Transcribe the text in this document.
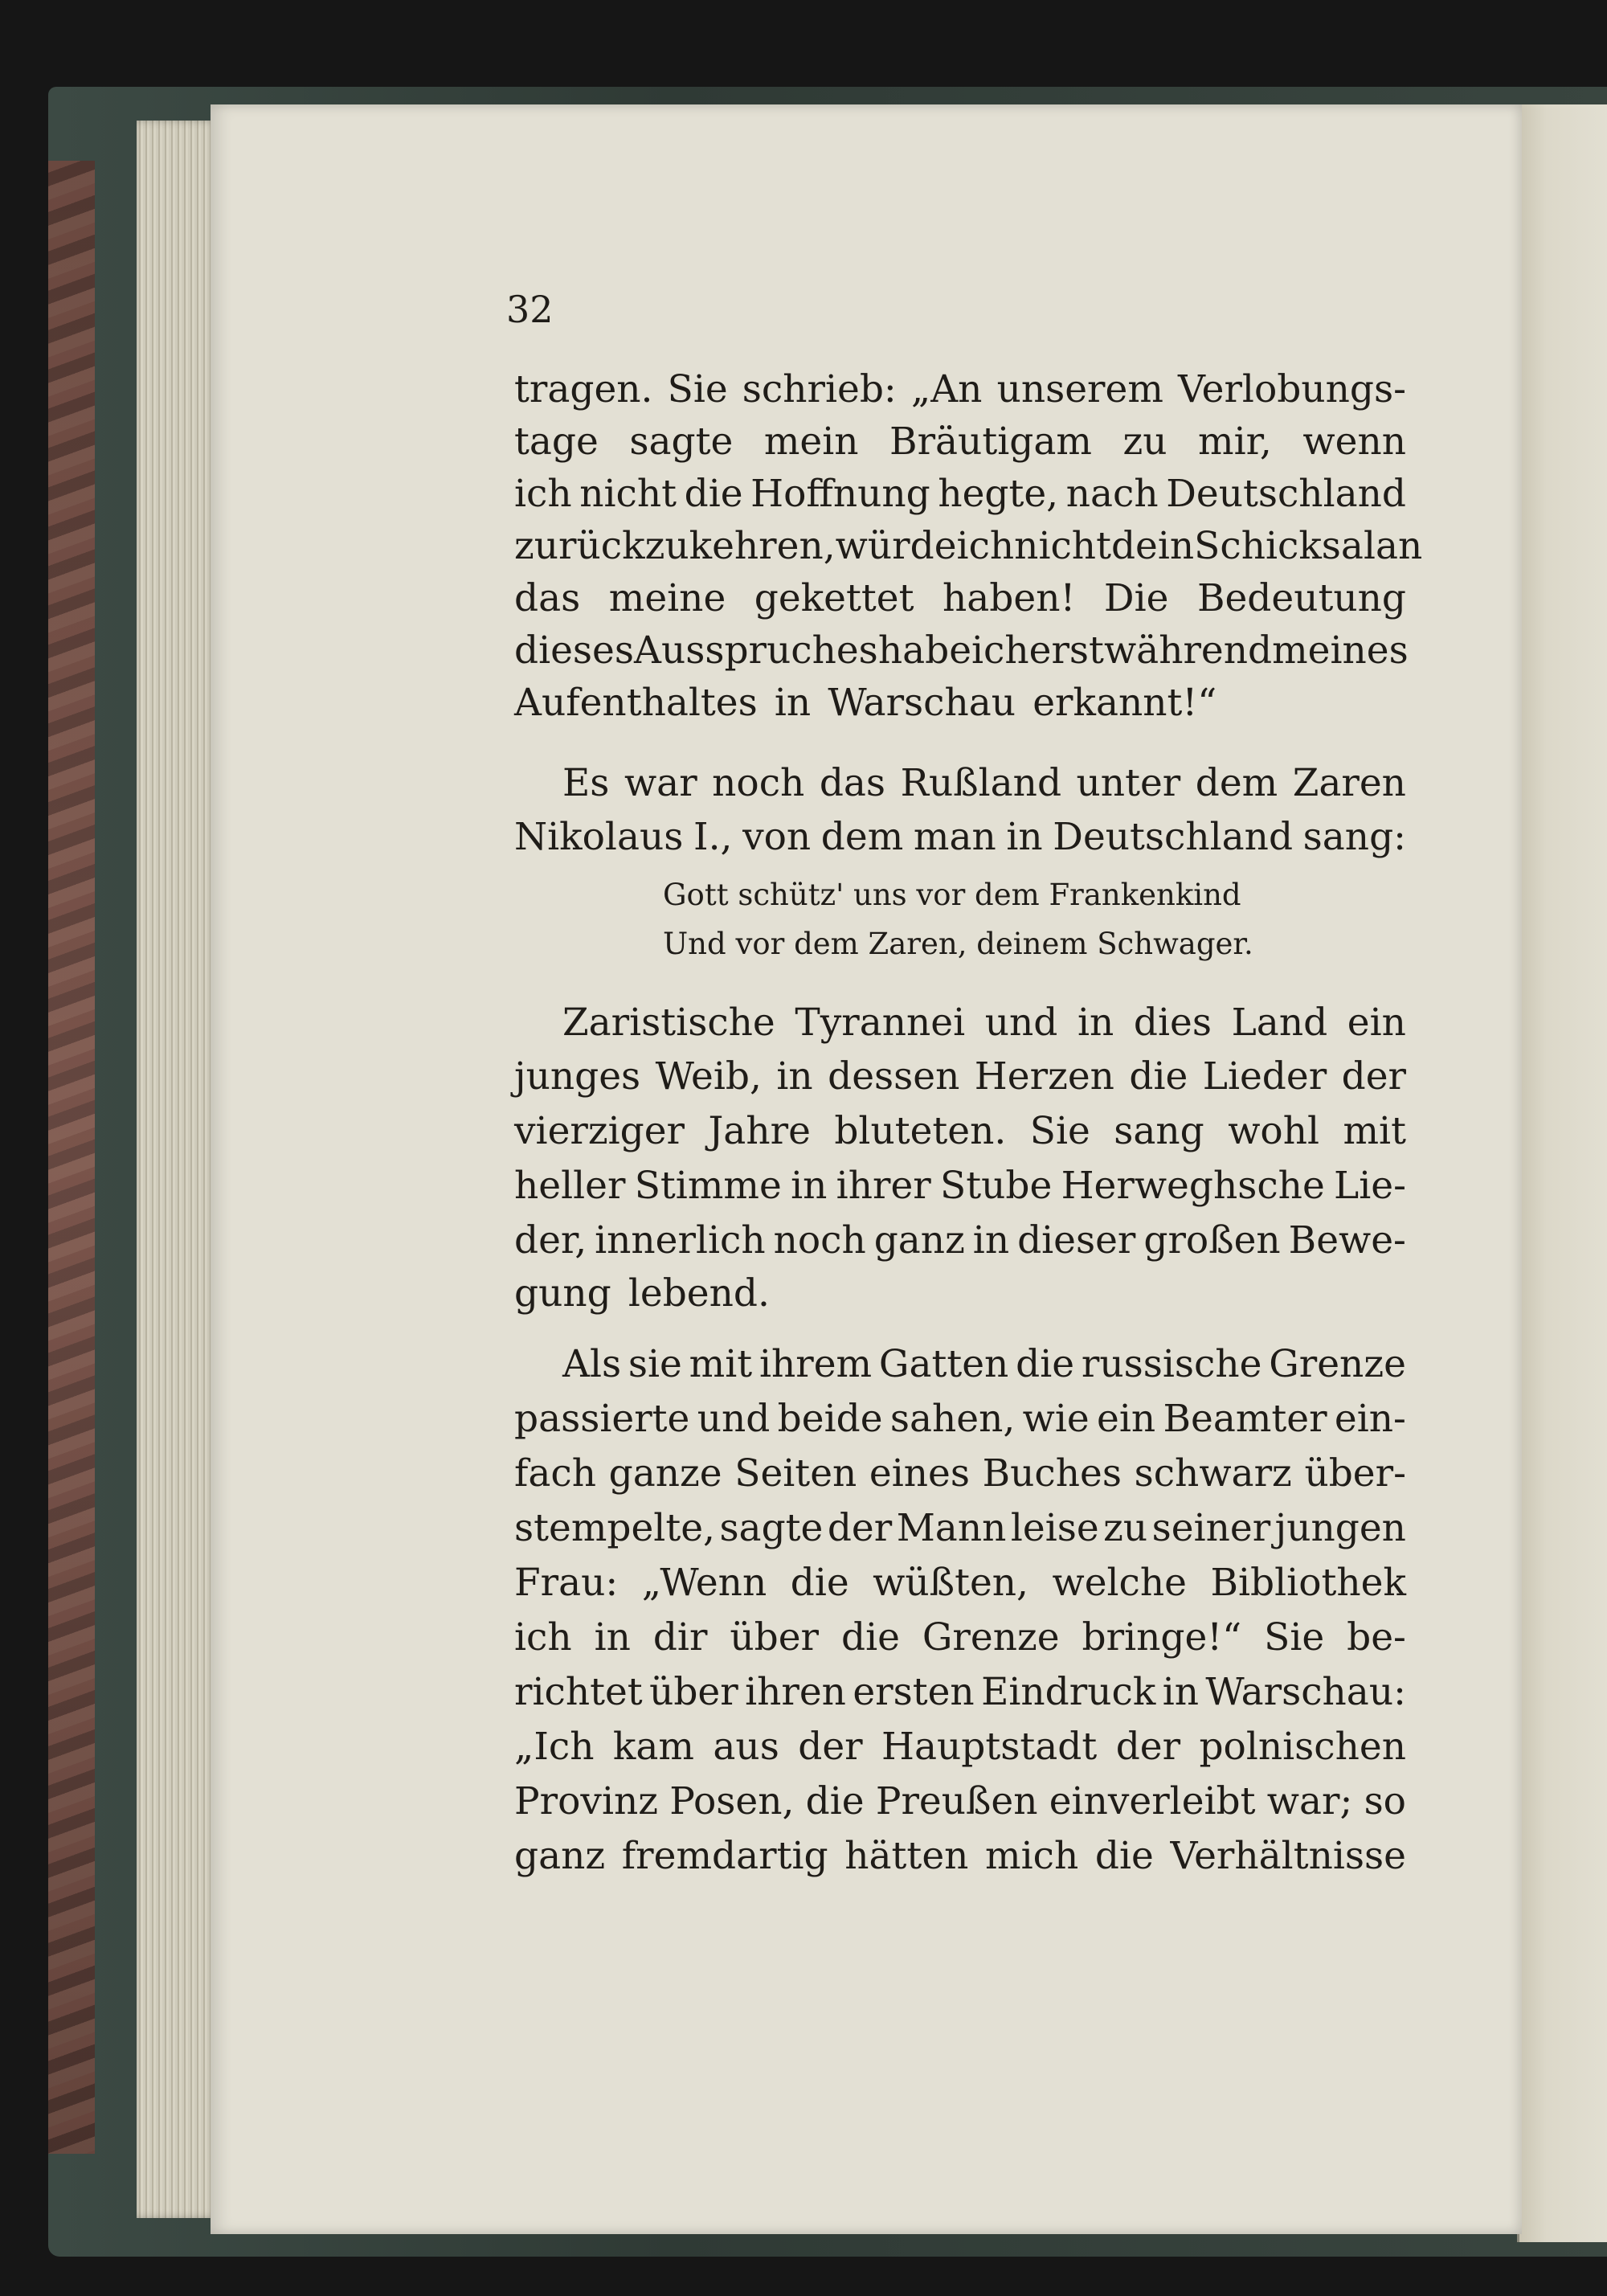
32
tragen. Sie schrieb: „An unserem Verlobungs-
tage sagte mein Bräutigam zu mir, wenn
ich nicht die Hoffnung hegte, nach Deutschland
zurückzukehren, würde ich nicht dein Schicksal an
das meine gekettet haben! Die Bedeutung
dieses Ausspruches habe ich erst während meines
Aufenthaltes in Warschau erkannt!“
Es war noch das Rußland unter dem Zaren
Nikolaus I., von dem man in Deutschland sang:
Gott schütz' uns vor dem Frankenkind
Und vor dem Zaren, deinem Schwager.
Zaristische Tyrannei und in dies Land ein
junges Weib, in dessen Herzen die Lieder der
vierziger Jahre bluteten. Sie sang wohl mit
heller Stimme in ihrer Stube Herweghsche Lie-
der, innerlich noch ganz in dieser großen Bewe-
gung lebend.
Als sie mit ihrem Gatten die russische Grenze
passierte und beide sahen, wie ein Beamter ein-
fach ganze Seiten eines Buches schwarz über-
stempelte, sagte der Mann leise zu seiner jungen
Frau: „Wenn die wüßten, welche Bibliothek
ich in dir über die Grenze bringe!“ Sie be-
richtet über ihren ersten Eindruck in Warschau:
„Ich kam aus der Hauptstadt der polnischen
Provinz Posen, die Preußen einverleibt war; so
ganz fremdartig hätten mich die Verhältnisse
